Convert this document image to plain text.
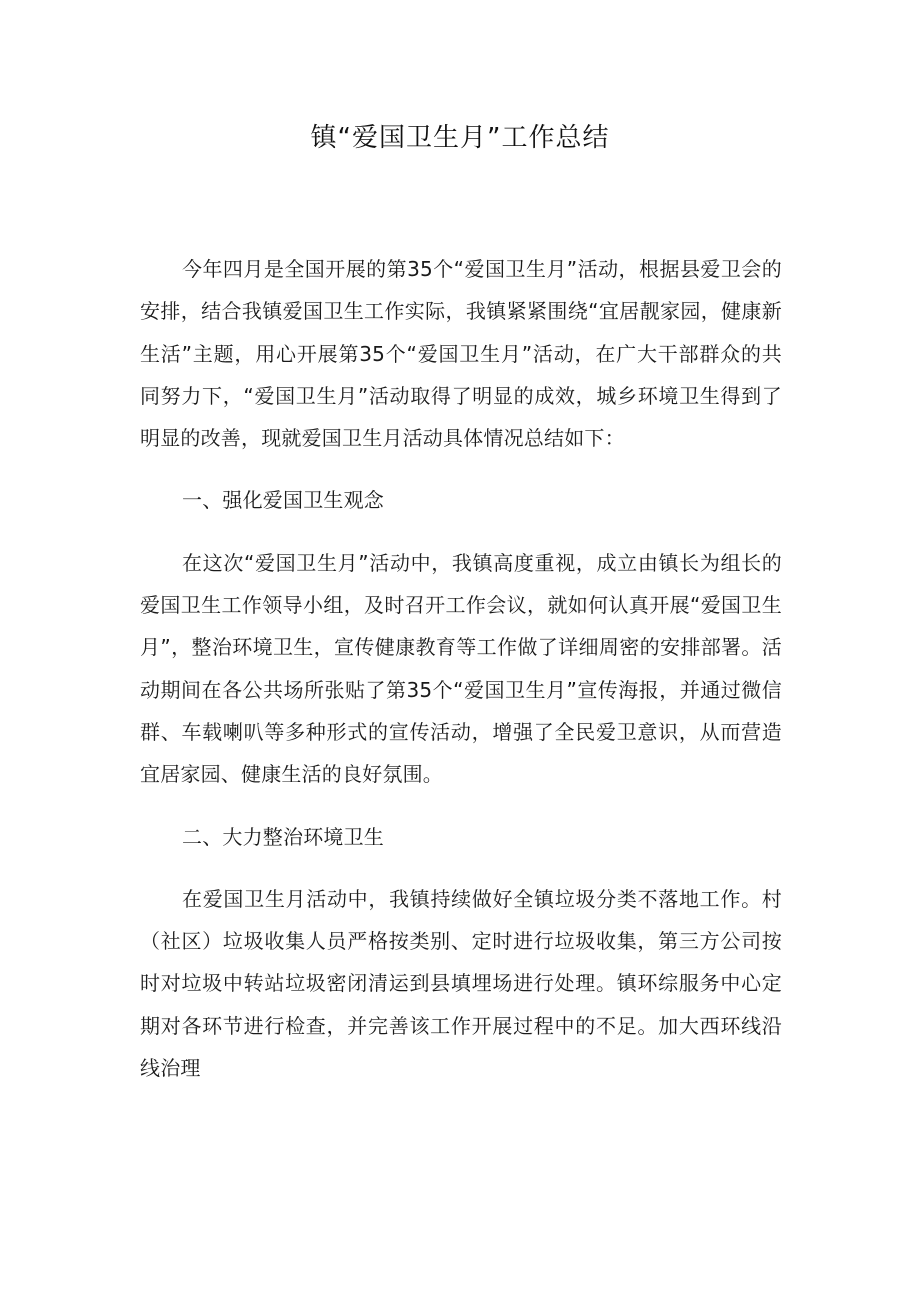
镇“爱国卫生月”工作总结

今年四月是全国开展的第35个“爱国卫生月”活动，根据县爱卫会的安排，结合我镇爱国卫生工作实际，我镇紧紧围绕“宜居靓家园，健康新生活”主题，用心开展第35个“爱国卫生月”活动，在广大干部群众的共同努力下，“爱国卫生月”活动取得了明显的成效，城乡环境卫生得到了明显的改善，现就爱国卫生月活动具体情况总结如下：

一、强化爱国卫生观念

在这次“爱国卫生月”活动中，我镇高度重视，成立由镇长为组长的爱国卫生工作领导小组，及时召开工作会议，就如何认真开展“爱国卫生月”，整治环境卫生，宣传健康教育等工作做了详细周密的安排部署。活动期间在各公共场所张贴了第35个“爱国卫生月”宣传海报，并通过微信群、车载喇叭等多种形式的宣传活动，增强了全民爱卫意识，从而营造宜居家园、健康生活的良好氛围。

二、大力整治环境卫生

在爱国卫生月活动中，我镇持续做好全镇垃圾分类不落地工作。村（社区）垃圾收集人员严格按类别、定时进行垃圾收集，第三方公司按时对垃圾中转站垃圾密闭清运到县填埋场进行处理。镇环综服务中心定期对各环节进行检查，并完善该工作开展过程中的不足。加大西环线沿线治理
